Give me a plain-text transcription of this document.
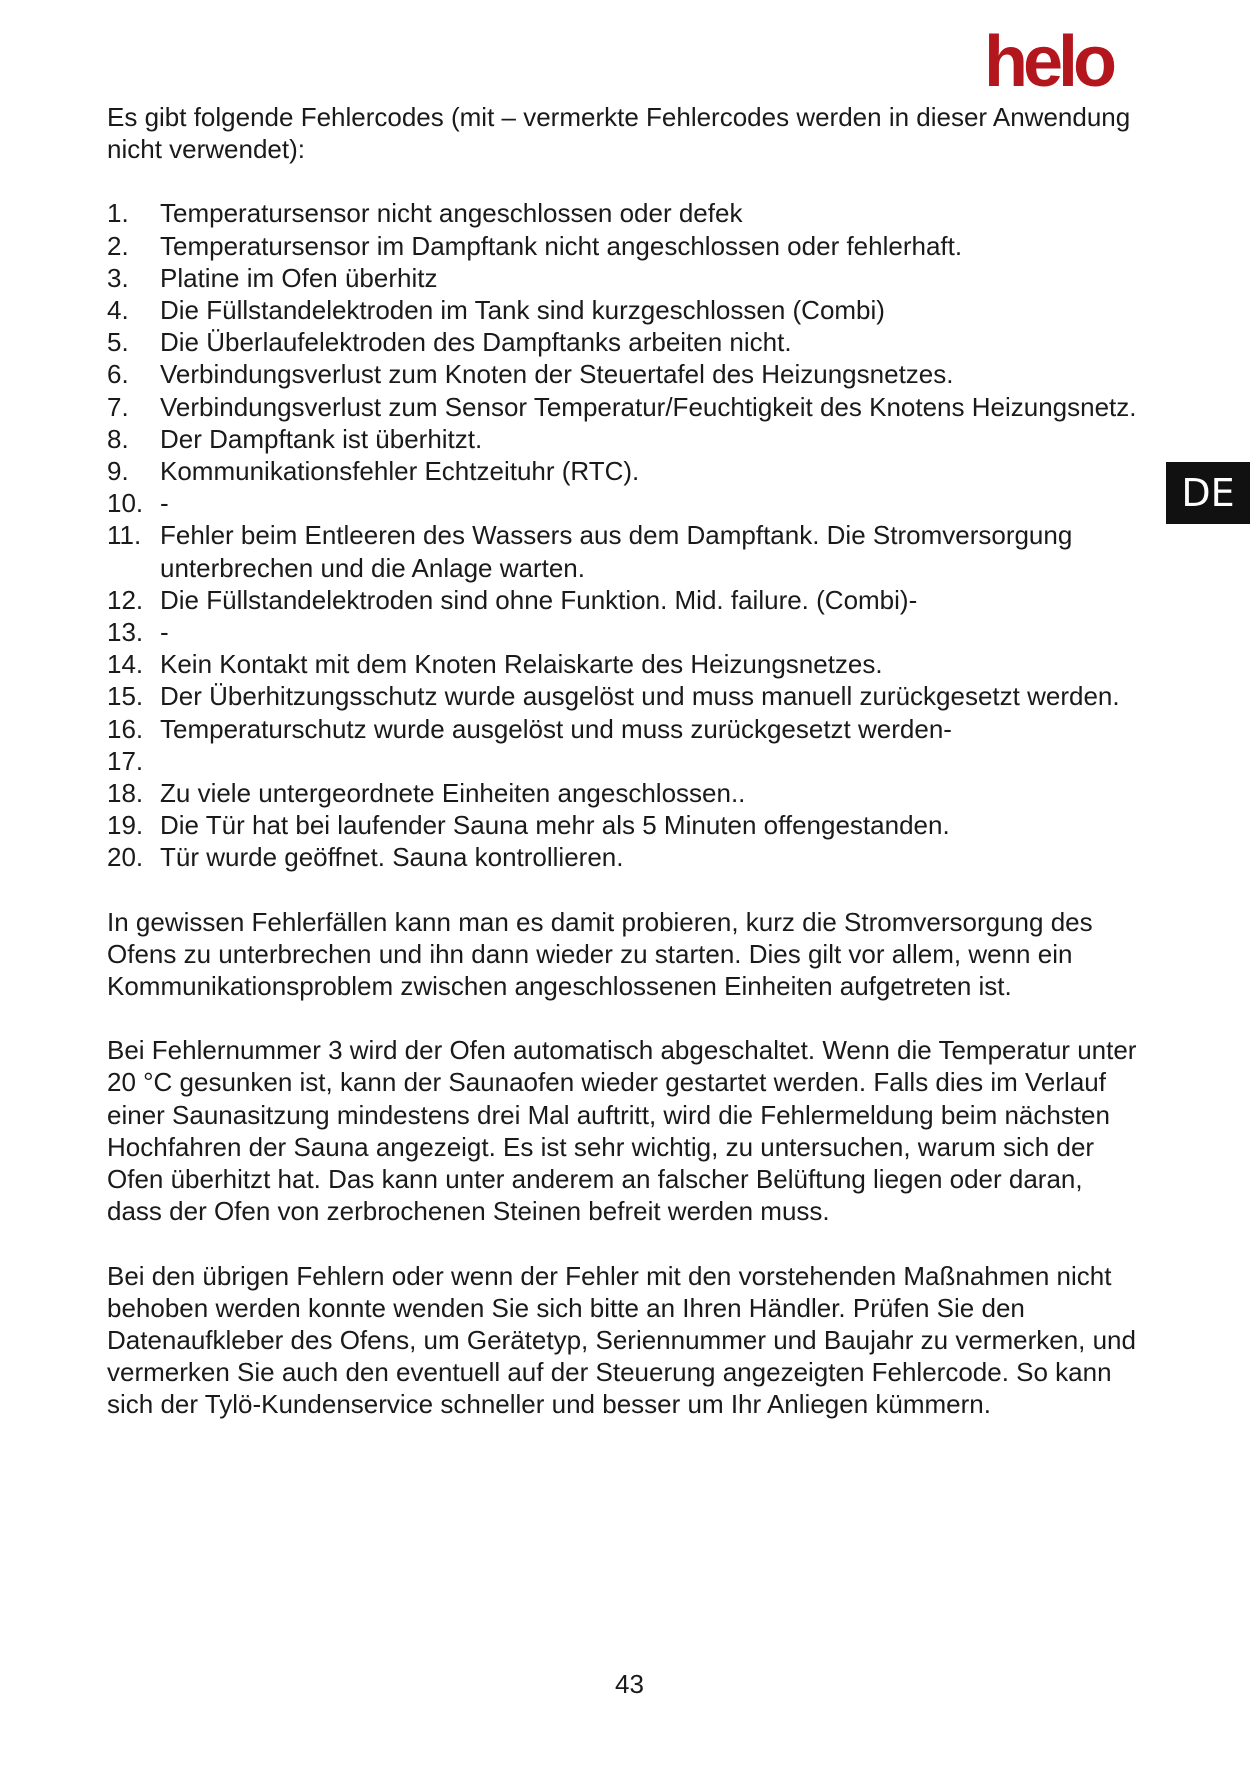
helo
DE

Es gibt folgende Fehlercodes (mit – vermerkte Fehlercodes werden in dieser Anwendung nicht verwendet):

1.	Temperatursensor nicht angeschlossen oder defek
2.	Temperatursensor im Dampftank nicht angeschlossen oder fehlerhaft.
3.	Platine im Ofen überhitz
4.	Die Füllstandelektroden im Tank sind kurzgeschlossen (Combi)
5.	Die Überlaufelektroden des Dampftanks arbeiten nicht.
6.	Verbindungsverlust zum Knoten der Steuertafel des Heizungsnetzes.
7.	Verbindungsverlust zum Sensor Temperatur/Feuchtigkeit des Knotens Heizungsnetz.
8.	Der Dampftank ist überhitzt.
9.	Kommunikationsfehler Echtzeituhr (RTC).
10. -
11. Fehler beim Entleeren des Wassers aus dem Dampftank. Die Stromversorgung unterbrechen und die Anlage warten.
12. Die Füllstandelektroden sind ohne Funktion. Mid. failure. (Combi)-
13. -
14. Kein Kontakt mit dem Knoten Relaiskarte des Heizungsnetzes.
15. Der Überhitzungsschutz wurde ausgelöst und muss manuell zurückgesetzt werden.
16. Temperaturschutz wurde ausgelöst und muss zurückgesetzt werden-
17.
18. Zu viele untergeordnete Einheiten angeschlossen..
19. Die Tür hat bei laufender Sauna mehr als 5 Minuten offengestanden.
20. Tür wurde geöffnet. Sauna kontrollieren.

In gewissen Fehlerfällen kann man es damit probieren, kurz die Stromversorgung des Ofens zu unterbrechen und ihn dann wieder zu starten. Dies gilt vor allem, wenn ein Kommunikationsproblem zwischen angeschlossenen Einheiten aufgetreten ist.

Bei Fehlernummer 3 wird der Ofen automatisch abgeschaltet. Wenn die Temperatur unter 20 °C gesunken ist, kann der Saunaofen wieder gestartet werden. Falls dies im Verlauf einer Saunasitzung mindestens drei Mal auftritt, wird die Fehlermeldung beim nächsten Hochfahren der Sauna angezeigt. Es ist sehr wichtig, zu untersuchen, warum sich der Ofen überhitzt hat. Das kann unter anderem an falscher Belüftung liegen oder daran, dass der Ofen von zerbrochenen Steinen befreit werden muss.

Bei den übrigen Fehlern oder wenn der Fehler mit den vorstehenden Maßnahmen nicht behoben werden konnte wenden Sie sich bitte an Ihren Händler. Prüfen Sie den Datenaufkleber des Ofens, um Gerätetyp, Seriennummer und Baujahr zu vermerken, und vermerken Sie auch den eventuell auf der Steuerung angezeigten Fehlercode. So kann sich der Tylö-Kundenservice schneller und besser um Ihr Anliegen kümmern.

43
